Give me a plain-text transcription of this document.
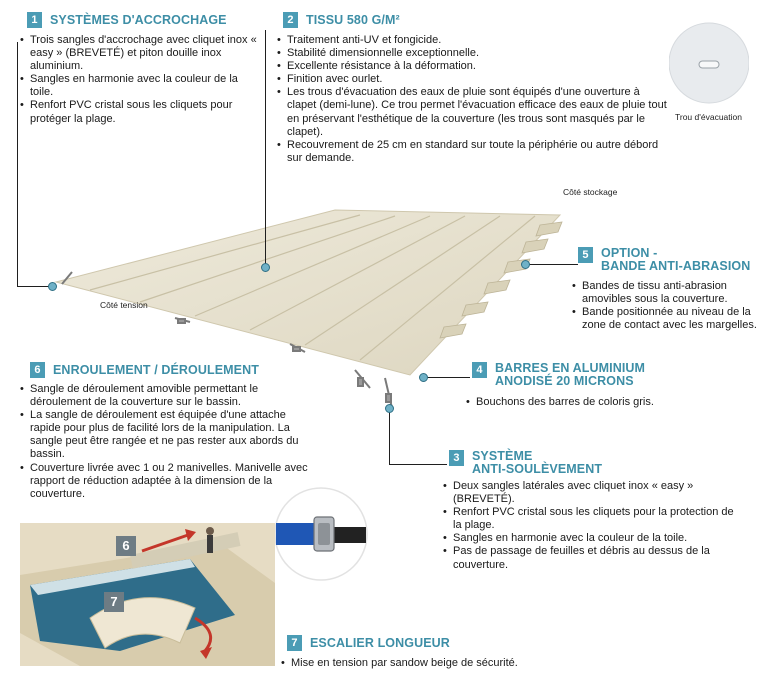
Trou d'évacuation
Côté stockage
Côté tension
1 SYSTÈMES D'ACCROCHAGE
• Trois sangles d'accrochage avec cliquet inox « easy » (BREVETÉ) et piton douille inox aluminium.
• Sangles en harmonie avec la couleur de la toile.
• Renfort PVC cristal sous les cliquets pour protéger la plage.
2 TISSU 580 G/M²
• Traitement anti-UV et fongicide.
• Stabilité dimensionnelle exceptionnelle.
• Excellente résistance à la déformation.
• Finition avec ourlet.
• Les trous d'évacuation des eaux de pluie sont équipés d'une ouverture à clapet (demi-lune). Ce trou permet l'évacuation efficace des eaux de pluie tout en préservant l'esthétique de la couverture (les trous sont masqués par le clapet).
• Recouvrement de 25 cm en standard sur toute la périphérie ou autre débord sur demande.
5 OPTION -
BANDE ANTI-ABRASION
• Bandes de tissu anti-abrasion amovibles sous la couverture.
• Bande positionnée au niveau de la zone de contact avec les margelles.
6 ENROULEMENT / DÉROULEMENT
• Sangle de déroulement amovible permettant le déroulement de la couverture sur le bassin.
• La sangle de déroulement est équipée d'une attache rapide pour plus de facilité lors de la manipulation. La sangle peut être rangée et ne pas rester aux abords du bassin.
• Couverture livrée avec 1 ou 2 manivelles. Manivelle avec rapport de réduction adaptée à la dimension de la couverture.
4 BARRES EN ALUMINIUM
ANODISÉ 20 MICRONS
• Bouchons des barres de coloris gris.
3 SYSTÈME
ANTI-SOULÈVEMENT
• Deux sangles latérales avec cliquet inox « easy » (BREVETÉ).
• Renfort PVC cristal sous les cliquets pour la protection de la plage.
• Sangles en harmonie avec la couleur de la toile.
• Pas de passage de feuilles et débris au dessus de la couverture.
6
7
7 ESCALIER LONGUEUR
• Mise en tension par sandow beige de sécurité.
